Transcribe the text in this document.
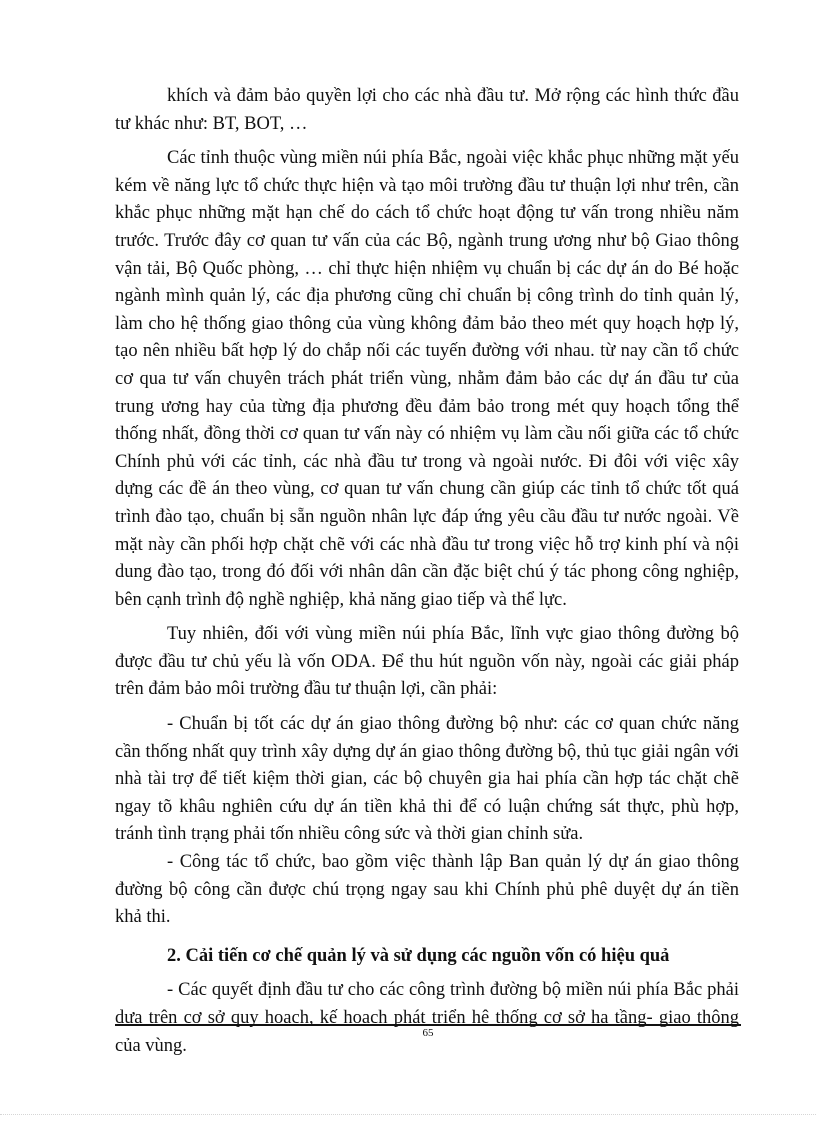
khích và đảm bảo quyền lợi cho các nhà đầu tư. Mở rộng các hình thức đầu tư khác như: BT, BOT, …

Các tỉnh thuộc vùng miền núi phía Bắc, ngoài việc khắc phục những mặt yếu kém về năng lực tổ chức thực hiện và tạo môi trường đầu tư thuận lợi như trên, cần khắc phục những mặt hạn chế do cách tổ chức hoạt động tư vấn trong nhiều năm trước. Trước đây cơ quan tư vấn của các Bộ, ngành trung ương như bộ Giao thông vận tải, Bộ Quốc phòng, … chỉ thực hiện nhiệm vụ chuẩn bị các dự án do Bé hoặc ngành mình quản lý, các địa phương cũng chỉ chuẩn bị công trình do tỉnh quản lý, làm cho hệ thống giao thông của vùng không đảm bảo theo mét quy hoạch hợp lý, tạo nên nhiều bất hợp lý do chắp nối các tuyến đường với nhau. từ nay cần tổ chức cơ qua tư vấn chuyên trách phát triển vùng, nhằm đảm bảo các dự án đầu tư của trung ương hay của từng địa phương đều đảm bảo trong mét quy hoạch tổng thể thống nhất, đồng thời cơ quan tư vấn này có nhiệm vụ làm cầu nối giữa các tổ chức Chính phủ với các tỉnh, các nhà đầu tư trong và ngoài nước. Đi đôi với việc xây dựng các đề án theo vùng, cơ quan tư vấn chung cần giúp các tỉnh tổ chức tốt quá trình đào tạo, chuẩn bị sẵn nguồn nhân lực đáp ứng yêu cầu đầu tư nước ngoài. Về mặt này cần phối hợp chặt chẽ với các nhà đầu tư trong việc hỗ trợ kinh phí và nội dung đào tạo, trong đó đối với nhân dân cần đặc biệt chú ý tác phong công nghiệp, bên cạnh trình độ nghề nghiệp, khả năng giao tiếp và thể lực.

Tuy nhiên, đối với vùng miền núi phía Bắc, lĩnh vực giao thông đường bộ được đầu tư chủ yếu là vốn ODA. Để thu hút nguồn vốn này, ngoài các giải pháp trên đảm bảo môi trường đầu tư thuận lợi, cần phải:

- Chuẩn bị tốt các dự án giao thông đường bộ như: các cơ quan chức năng cần thống nhất quy trình xây dựng dự án giao thông đường bộ, thủ tục giải ngân với nhà tài trợ để tiết kiệm thời gian, các bộ chuyên gia hai phía cần hợp tác chặt chẽ ngay tõ khâu nghiên cứu dự án tiền khả thi để có luận chứng sát thực, phù hợp, tránh tình trạng phải tốn nhiều công sức và thời gian chỉnh sửa.

- Công tác tổ chức, bao gồm việc thành lập Ban quản lý dự án giao thông đường bộ công cần được chú trọng ngay sau khi Chính phủ phê duyệt dự án tiền khả thi.

2. Cải tiến cơ chế quản lý và sử dụng các nguồn vốn có hiệu quả

- Các quyết định đầu tư cho các công trình đường bộ miền núi phía Bắc phải dựa trên cơ sở quy hoạch, kế hoạch phát triển hệ thống cơ sở hạ tầng- giao thông của vùng.

65
